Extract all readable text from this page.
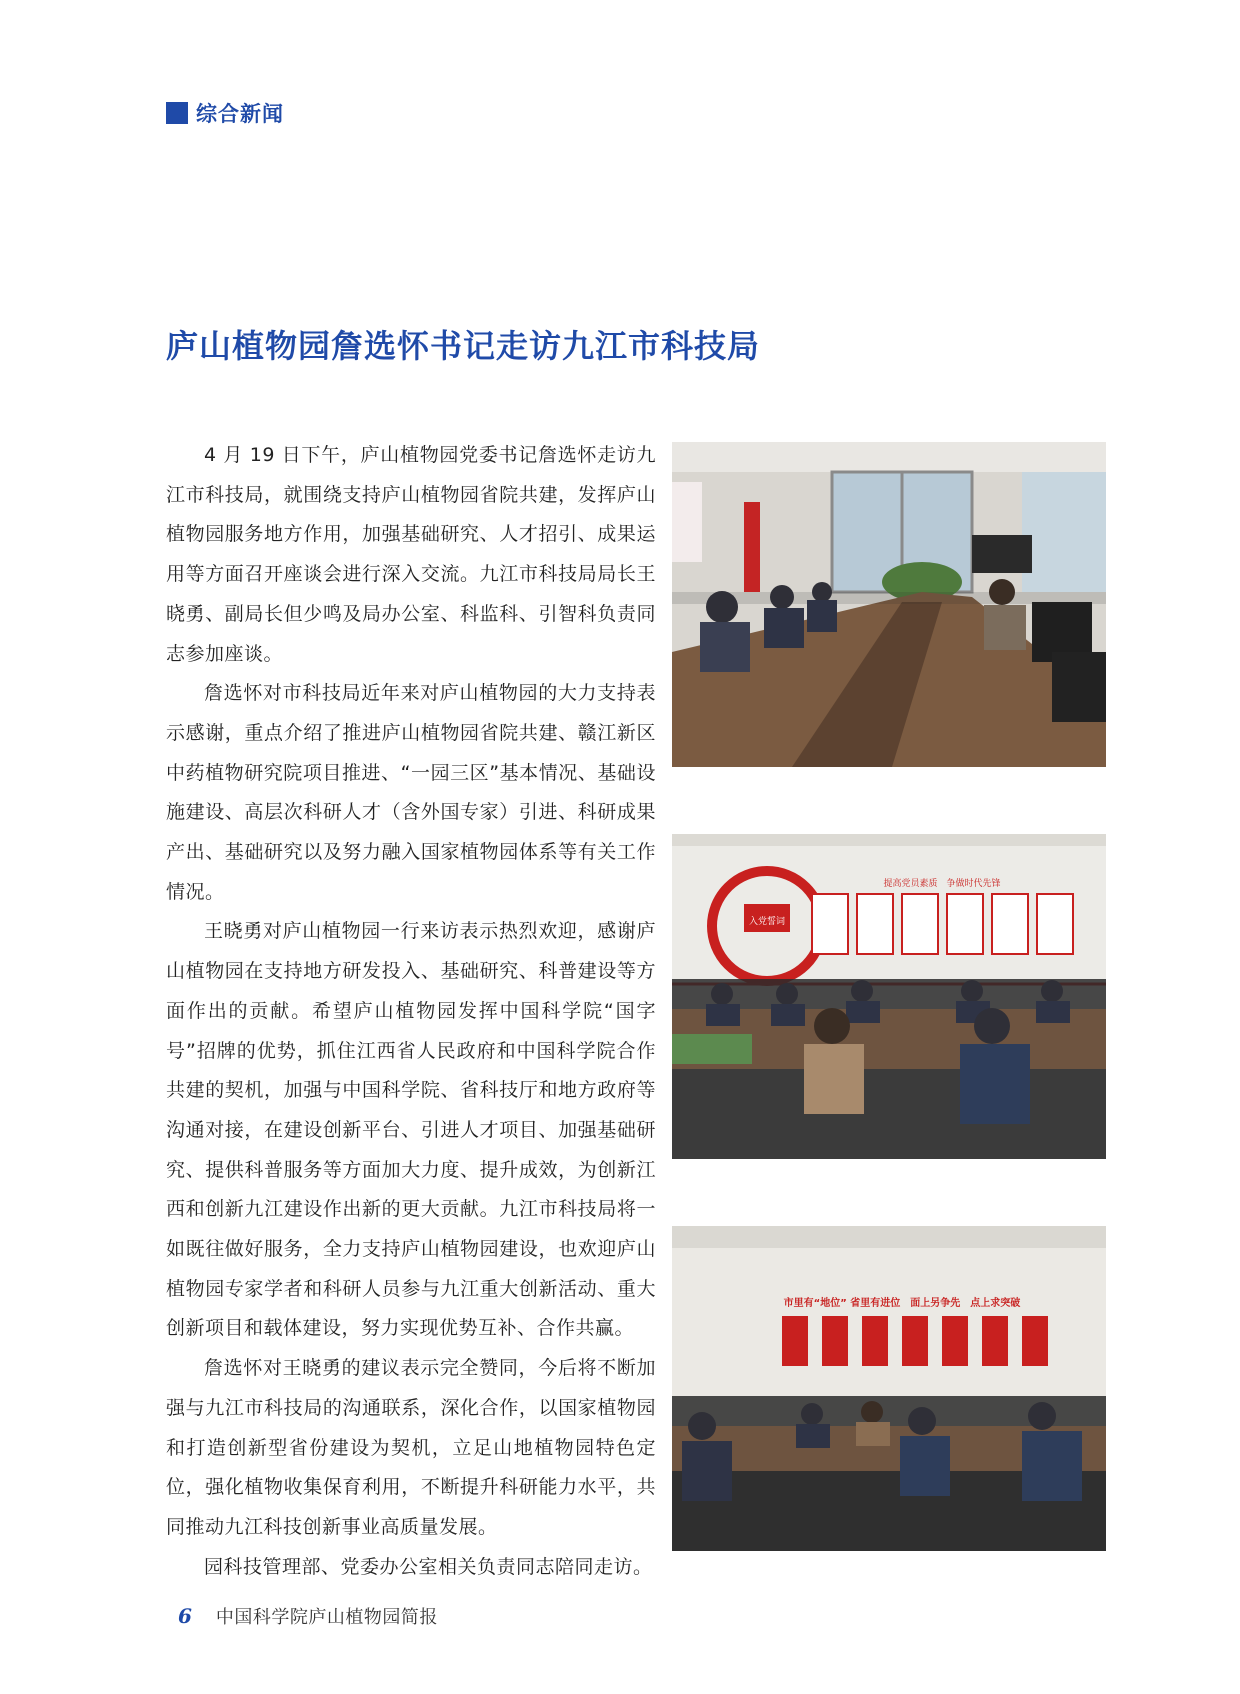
综合新闻
庐山植物园詹选怀书记走访九江市科技局

4 月 19 日下午，庐山植物园党委书记詹选怀走访九江市科技局，就围绕支持庐山植物园省院共建，发挥庐山植物园服务地方作用，加强基础研究、人才招引、成果运用等方面召开座谈会进行深入交流。九江市科技局局长王晓勇、副局长但少鸣及局办公室、科监科、引智科负责同志参加座谈。

詹选怀对市科技局近年来对庐山植物园的大力支持表示感谢，重点介绍了推进庐山植物园省院共建、赣江新区中药植物研究院项目推进、“一园三区”基本情况、基础设施建设、高层次科研人才（含外国专家）引进、科研成果产出、基础研究以及努力融入国家植物园体系等有关工作情况。

王晓勇对庐山植物园一行来访表示热烈欢迎，感谢庐山植物园在支持地方研发投入、基础研究、科普建设等方面作出的贡献。希望庐山植物园发挥中国科学院“国字号”招牌的优势，抓住江西省人民政府和中国科学院合作共建的契机，加强与中国科学院、省科技厅和地方政府等沟通对接，在建设创新平台、引进人才项目、加强基础研究、提供科普服务等方面加大力度、提升成效，为创新江西和创新九江建设作出新的更大贡献。九江市科技局将一如既往做好服务，全力支持庐山植物园建设，也欢迎庐山植物园专家学者和科研人员参与九江重大创新活动、重大创新项目和载体建设，努力实现优势互补、合作共赢。

詹选怀对王晓勇的建议表示完全赞同，今后将不断加强与九江市科技局的沟通联系，深化合作，以国家植物园和打造创新型省份建设为契机，立足山地植物园特色定位，强化植物收集保育利用，不断提升科研能力水平，共同推动九江科技创新事业高质量发展。

园科技管理部、党委办公室相关负责同志陪同走访。

入党誓词
提高党员素质　争做时代先锋
市里有“地位” 省里有进位　面上另争先　点上求突破
6 中国科学院庐山植物园简报
